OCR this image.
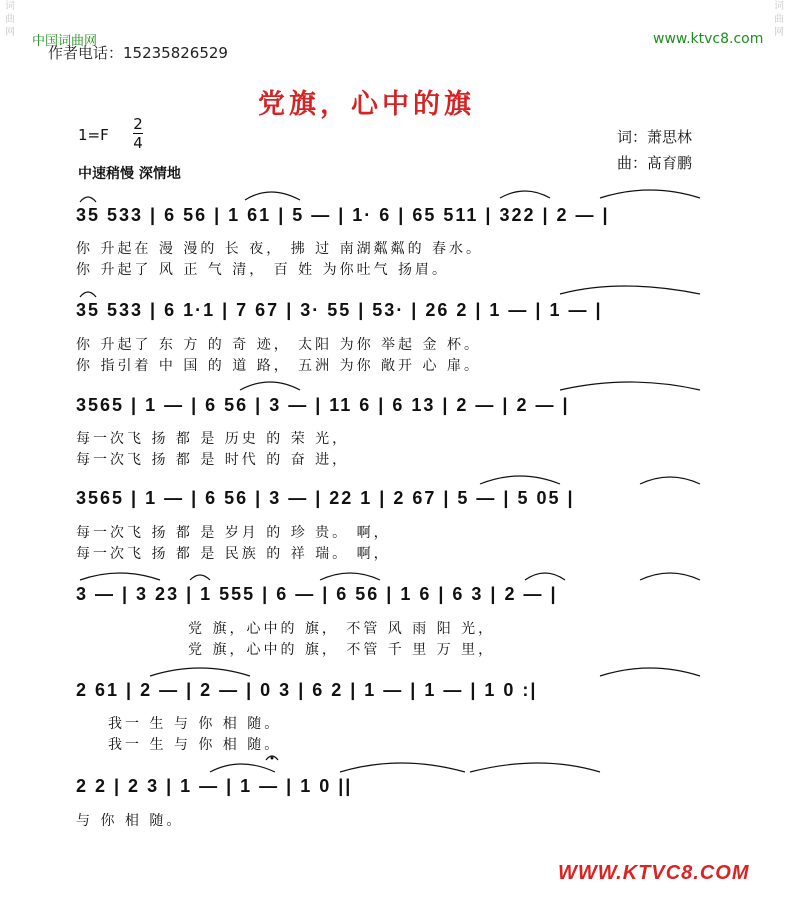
词曲网
词曲网
中国词曲网
作者电话：15235826529
www.ktvc8.com
党旗，心中的旗
1=F
2
4	词：萧思林
曲：髙育鹏
中速稍慢 深情地
35 533 | 6 56 | 1 61 | 5 — | 1· 6 | 65 511 | 322 | 2 — |
你 升起在 漫 漫的 长 夜， 拂 过 南湖粼粼的 春水。
你 升起了 风 正 气 清， 百 姓 为你吐气 扬眉。
35 533 | 6 1·1 | 7 67 | 3· 55 | 53· | 26 2 | 1 — | 1 — |
你 升起了 东 方 的 奇 迹， 太阳 为你 举起 金 杯。
你 指引着 中 国 的 道 路， 五洲 为你 敞开 心 扉。
3565 | 1 — | 6 56 | 3 — | 11 6 | 6 13 | 2 — | 2 — |
每一次飞 扬 都 是 历史 的 荣 光，
每一次飞 扬 都 是 时代 的 奋 进，
3565 | 1 — | 6 56 | 3 — | 22 1 | 2 67 | 5 — | 5 05 |
每一次飞 扬 都 是 岁月 的 珍 贵。 啊，
每一次飞 扬 都 是 民族 的 祥 瑞。 啊，
3 — | 3 23 | 1 555 | 6 — | 6 56 | 1 6 | 6 3 | 2 — |
党 旗，心中的 旗， 不管 风 雨 阳 光，
党 旗，心中的 旗， 不管 千 里 万 里，
2 61 | 2 — | 2 — | 0 3 | 6 2 | 1 — | 1 — | 1 0 :|
我一 生 与 你 相 随。
我一 生 与 你 相 随。
2 2 | 2 3 | 1 — | 1 — | 1 0 ||
与 你 相 随。
WWW.KTVC8.COM
